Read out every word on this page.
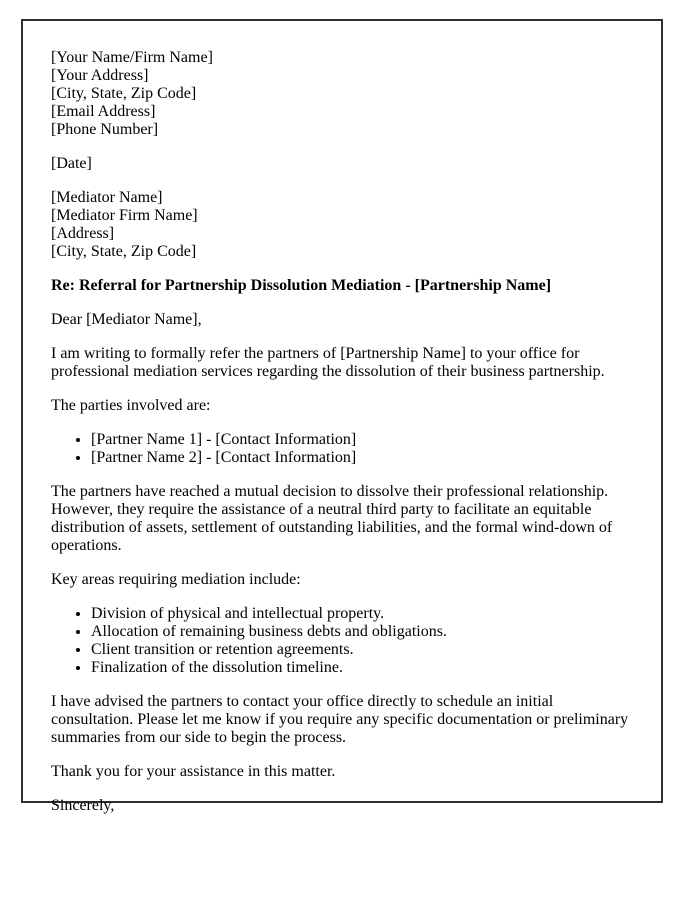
[Your Name/Firm Name]
[Your Address]
[City, State, Zip Code]
[Email Address]
[Phone Number]

[Date]

[Mediator Name]
[Mediator Firm Name]
[Address]
[City, State, Zip Code]

Re: Referral for Partnership Dissolution Mediation - [Partnership Name]

Dear [Mediator Name],

I am writing to formally refer the partners of [Partnership Name] to your office for professional mediation services regarding the dissolution of their business partnership.

The parties involved are:

• [Partner Name 1] - [Contact Information]
• [Partner Name 2] - [Contact Information]

The partners have reached a mutual decision to dissolve their professional relationship. However, they require the assistance of a neutral third party to facilitate an equitable distribution of assets, settlement of outstanding liabilities, and the formal wind-down of operations.

Key areas requiring mediation include:

• Division of physical and intellectual property.
• Allocation of remaining business debts and obligations.
• Client transition or retention agreements.
• Finalization of the dissolution timeline.

I have advised the partners to contact your office directly to schedule an initial consultation. Please let me know if you require any specific documentation or preliminary summaries from our side to begin the process.

Thank you for your assistance in this matter.

Sincerely,
